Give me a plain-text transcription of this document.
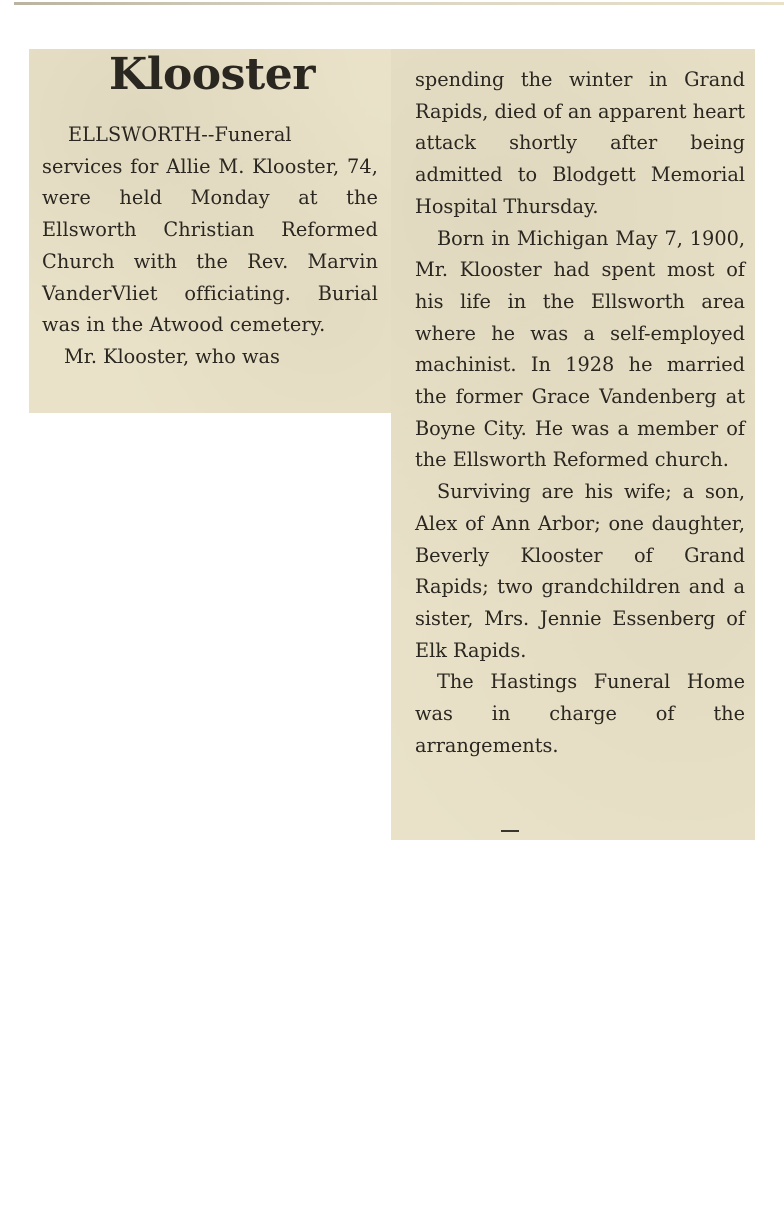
Klooster

ELLSWORTH--Funeral services for Allie M. Klooster, 74, were held Monday at the Ellsworth Christian Reformed Church with the Rev. Marvin VanderVliet officiating. Burial was in the Atwood cemetery.

Mr. Klooster, who was

spending the winter in Grand Rapids, died of an apparent heart attack shortly after being admitted to Blodgett Memorial Hospital Thursday.

Born in Michigan May 7, 1900, Mr. Klooster had spent most of his life in the Ellsworth area where he was a self-employed machinist. In 1928 he married the former Grace Vandenberg at Boyne City. He was a member of the Ellsworth Reformed church.

Surviving are his wife; a son, Alex of Ann Arbor; one daughter, Beverly Klooster of Grand Rapids; two grandchildren and a sister, Mrs. Jennie Essenberg of Elk Rapids.

The Hastings Funeral Home was in charge of the arrangements.
